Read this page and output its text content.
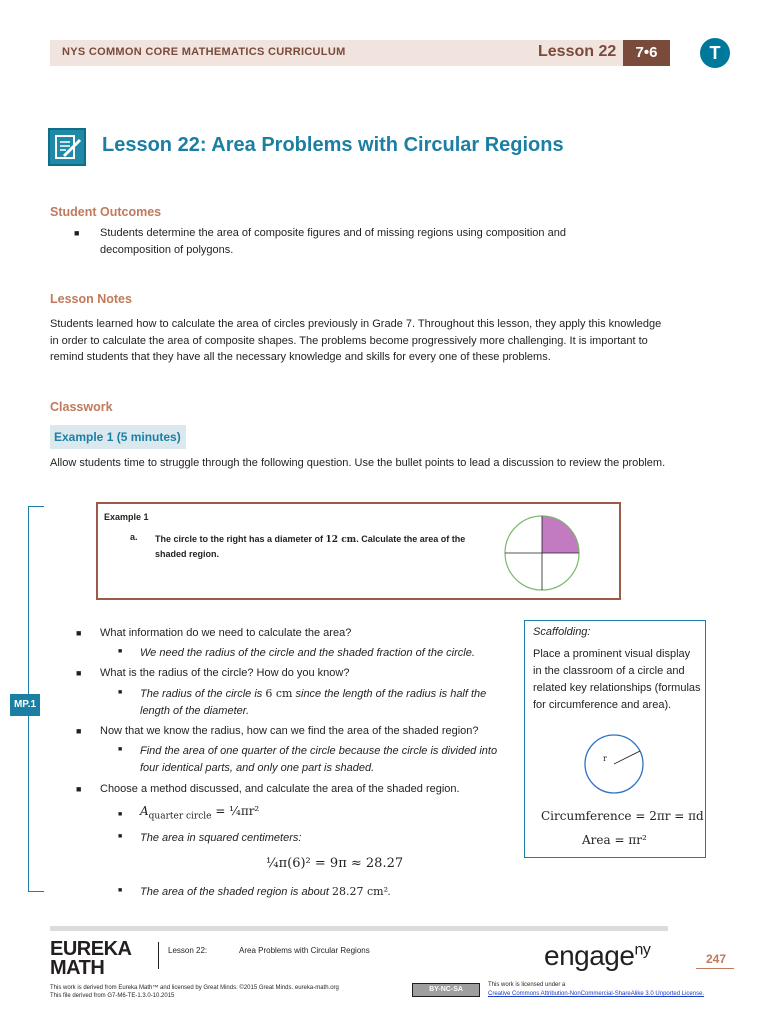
NYS COMMON CORE MATHEMATICS CURRICULUM	Lesson 22	7•6	T
Lesson 22: Area Problems with Circular Regions
Student Outcomes
■ Students determine the area of composite figures and of missing regions using composition and decomposition of polygons.
Lesson Notes
Students learned how to calculate the area of circles previously in Grade 7. Throughout this lesson, they apply this knowledge in order to calculate the area of composite shapes. The problems become progressively more challenging. It is important to remind students that they have all the necessary knowledge and skills for every one of these problems.
Classwork
Example 1 (5 minutes)
Allow students time to struggle through the following question. Use the bullet points to lead a discussion to review the problem.
MP.1
Example 1
a. The circle to the right has a diameter of 12 cm. Calculate the area of the shaded region.
■ What information do we need to calculate the area?
■ We need the radius of the circle and the shaded fraction of the circle.
■ What is the radius of the circle? How do you know?
■ The radius of the circle is 6 cm since the length of the radius is half the length of the diameter.
■ Now that we know the radius, how can we find the area of the shaded region?
■ Find the area of one quarter of the circle because the circle is divided into four identical parts, and only one part is shaded.
■ Choose a method discussed, and calculate the area of the shaded region.
■ $A_{quarter circle}$ = ¼πr²
■ The area in squared centimeters:
¼π(6)² = 9π ≈ 28.27
■ The area of the shaded region is about 28.27 cm².
Scaffolding:
Place a prominent visual display in the classroom of a circle and related key relationships (formulas for circumference and area).
r
Circumference = 2πr = πd
Area = πr²
EUREKA
MATH
Lesson 22:	Area Problems with Circular Regions	engage$^{ny}$
247
This work is derived from Eureka Math™ and licensed by Great Minds. ©2015 Great Minds. eureka-math.org
This file derived from G7-M6-TE-1.3.0-10.2015
BY-NC-SA
This work is licensed under a
Creative Commons Attribution-NonCommercial-ShareAlike 3.0 Unported License.
